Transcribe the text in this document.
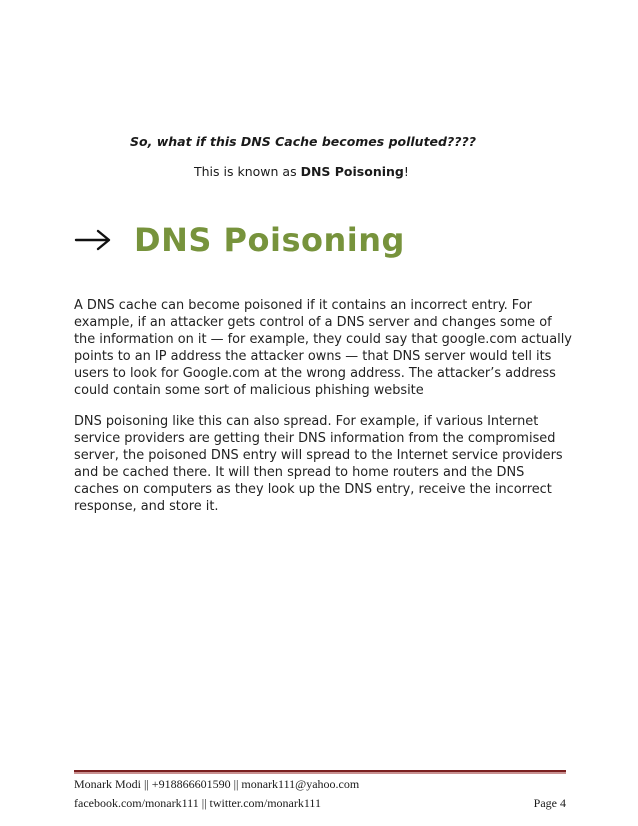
So, what if this DNS Cache becomes polluted????
This is known as DNS Poisoning!
DNS Poisoning
A DNS cache can become poisoned if it contains an incorrect entry. For
example, if an attacker gets control of a DNS server and changes some of
the information on it — for example, they could say that google.com actually
points to an IP address the attacker owns — that DNS server would tell its
users to look for Google.com at the wrong address. The attacker’s address
could contain some sort of malicious phishing website
DNS poisoning like this can also spread. For example, if various Internet
service providers are getting their DNS information from the compromised
server, the poisoned DNS entry will spread to the Internet service providers
and be cached there. It will then spread to home routers and the DNS
caches on computers as they look up the DNS entry, receive the incorrect
response, and store it.
Monark Modi || +918866601590 || monark111@yahoo.com
facebook.com/monark111 || twitter.com/monark111	Page 4
